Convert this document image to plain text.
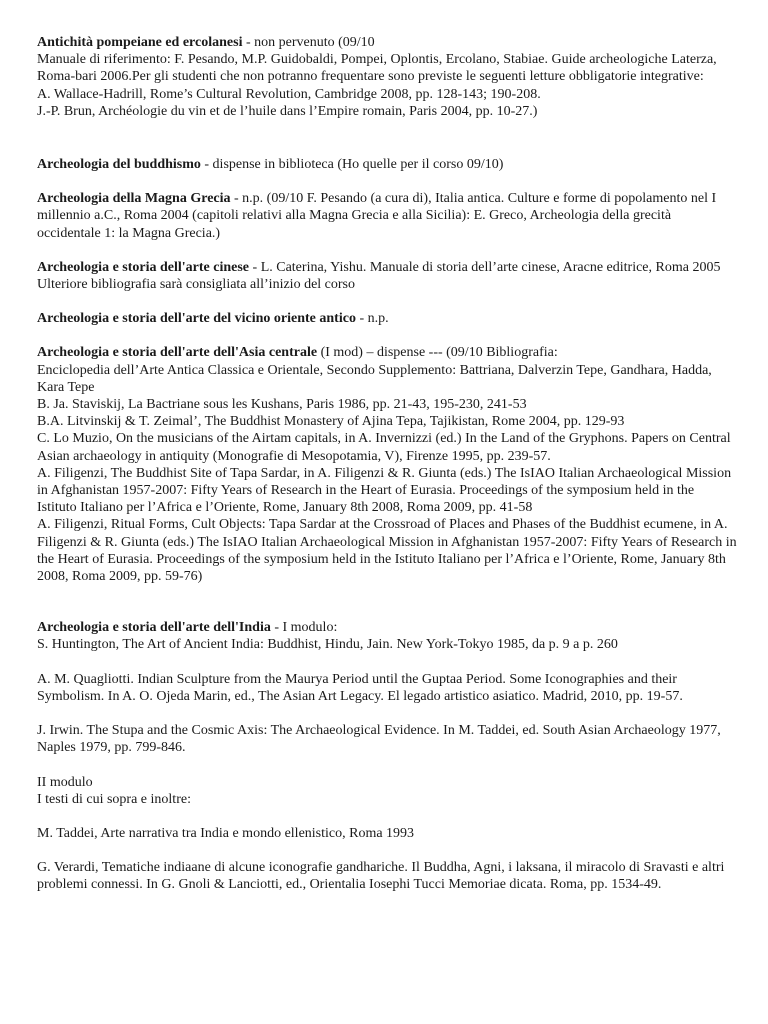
Antichità pompeiane ed ercolanesi - non pervenuto (09/10
Manuale di riferimento: F. Pesando, M.P. Guidobaldi, Pompei, Oplontis, Ercolano, Stabiae. Guide archeologiche Laterza, Roma-bari 2006.Per gli studenti che non potranno frequentare sono previste le seguenti letture obbligatorie integrative:
A. Wallace-Hadrill, Rome’s Cultural Revolution, Cambridge 2008, pp. 128-143; 190-208.
J.-P. Brun, Archéologie du vin et de l’huile dans l’Empire romain, Paris 2004, pp. 10-27.)
Archeologia del buddhismo - dispense in biblioteca (Ho quelle per il corso 09/10)
Archeologia della Magna Grecia - n.p. (09/10 F. Pesando (a cura di), Italia antica. Culture e forme di popolamento nel I millennio a.C., Roma 2004 (capitoli relativi alla Magna Grecia e alla Sicilia): E. Greco, Archeologia della grecità occidentale 1: la Magna Grecia.)
Archeologia e storia dell'arte cinese - L. Caterina, Yishu. Manuale di storia dell’arte cinese, Aracne editrice, Roma 2005
Ulteriore bibliografia sarà consigliata all’inizio del corso
Archeologia e storia dell'arte del vicino oriente antico - n.p.
Archeologia e storia dell'arte dell'Asia centrale (I mod) – dispense --- (09/10 Bibliografia:
Enciclopedia dell’Arte Antica Classica e Orientale, Secondo Supplemento: Battriana, Dalverzin Tepe, Gandhara, Hadda, Kara Tepe
B. Ja. Staviskij, La Bactriane sous les Kushans, Paris 1986, pp. 21-43, 195-230, 241-53
B.A. Litvinskij & T. Zeimal’, The Buddhist Monastery of Ajina Tepa, Tajikistan, Rome 2004, pp. 129-93
C. Lo Muzio, On the musicians of the Airtam capitals, in A. Invernizzi (ed.) In the Land of the Gryphons. Papers on Central Asian archaeology in antiquity (Monografie di Mesopotamia, V), Firenze 1995, pp. 239-57.
A. Filigenzi, The Buddhist Site of Tapa Sardar, in A. Filigenzi & R. Giunta (eds.) The IsIAO Italian Archaeological Mission in Afghanistan 1957-2007: Fifty Years of Research in the Heart of Eurasia. Proceedings of the symposium held in the Istituto Italiano per l’Africa e l’Oriente, Rome, January 8th 2008, Roma 2009, pp. 41-58
A. Filigenzi, Ritual Forms, Cult Objects: Tapa Sardar at the Crossroad of Places and Phases of the Buddhist ecumene, in A. Filigenzi & R. Giunta (eds.) The IsIAO Italian Archaeological Mission in Afghanistan 1957-2007: Fifty Years of Research in the Heart of Eurasia. Proceedings of the symposium held in the Istituto Italiano per l’Africa e l’Oriente, Rome, January 8th 2008, Roma 2009, pp. 59-76)
Archeologia e storia dell'arte dell'India - I modulo:
S. Huntington, The Art of Ancient India: Buddhist, Hindu, Jain. New York-Tokyo 1985, da p. 9 a p. 260
A. M. Quagliotti. Indian Sculpture from the Maurya Period until the Guptaa Period. Some Iconographies and their Symbolism. In A. O. Ojeda Marin, ed., The Asian Art Legacy. El legado artistico asiatico. Madrid, 2010, pp. 19-57.
J. Irwin. The Stupa and the Cosmic Axis: The Archaeological Evidence. In M. Taddei, ed. South Asian Archaeology 1977, Naples 1979, pp. 799-846.
II modulo
I testi di cui sopra e inoltre:
M. Taddei, Arte narrativa tra India e mondo ellenistico, Roma 1993
G. Verardi, Tematiche indiaane di alcune iconografie gandhariche. Il Buddha, Agni, i laksana, il miracolo di Sravasti e altri problemi connessi. In G. Gnoli & Lanciotti, ed., Orientalia Iosephi Tucci Memoriae dicata. Roma, pp. 1534-49.
